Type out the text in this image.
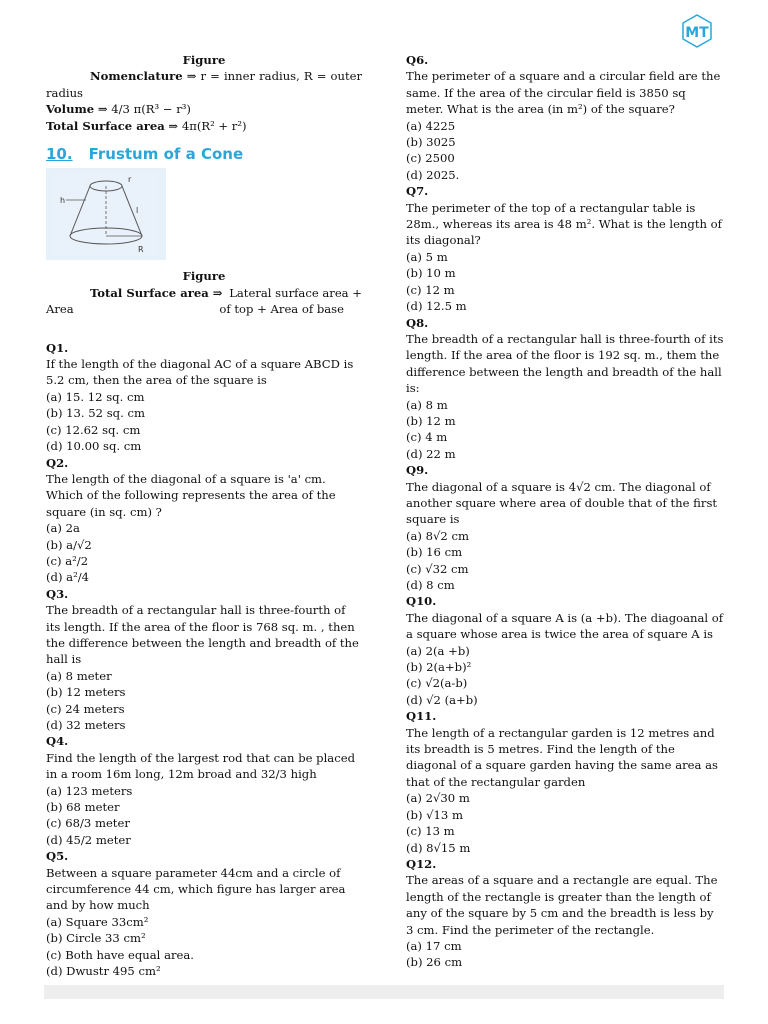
MT
Figure
Nomenclature ⇒ r = inner radius, R = outer radius
Volume ⇒ 4/3 π(R³ − r³)
Total Surface area ⇒ 4π(R² + r²)
10. Frustum of a Cone
h
r
l
R
Figure
Total Surface area ⇒ Lateral surface area +
Area	of top + Area of base
Q1.
If the length of the diagonal AC of a square ABCD is 5.2 cm, then the area of the square is
(a) 15. 12 sq. cm
(b) 13. 52 sq. cm
(c) 12.62 sq. cm
(d) 10.00 sq. cm
Q2.
The length of the diagonal of a square is 'a' cm. Which of the following represents the area of the square (in sq. cm) ?
(a) 2a
(b) a/√2
(c) a²/2
(d) a²/4
Q3.
The breadth of a rectangular hall is three-fourth of its length. If the area of the floor is 768 sq. m. , then the difference between the length and breadth of the hall is
(a) 8 meter
(b) 12 meters
(c) 24 meters
(d) 32 meters
Q4.
Find the length of the largest rod that can be placed in a room 16m long, 12m broad and 32/3 high
(a) 123 meters
(b) 68 meter
(c) 68/3 meter
(d) 45/2 meter
Q5.
Between a square parameter 44cm and a circle of circumference 44 cm, which figure has larger area and by how much
(a) Square 33cm²
(b) Circle 33 cm²
(c) Both have equal area.
(d) Dwustr 495 cm²
Q6.
The perimeter of a square and a circular field are the same. If the area of the circular field is 3850 sq meter. What is the area (in m²) of the square?
(a) 4225
(b) 3025
(c) 2500
(d) 2025.
Q7.
The perimeter of the top of a rectangular table is 28m., whereas its area is 48 m². What is the length of its diagonal?
(a) 5 m
(b) 10 m
(c) 12 m
(d) 12.5 m
Q8.
The breadth of a rectangular hall is three-fourth of its length. If the area of the floor is 192 sq. m., them the difference between the length and breadth of the hall is:
(a) 8 m
(b) 12 m
(c) 4 m
(d) 22 m
Q9.
The diagonal of a square is 4√2 cm. The diagonal of another square where area of double that of the first square is
(a) 8√2 cm
(b) 16 cm
(c) √32 cm
(d) 8 cm
Q10.
The diagonal of a square A is (a +b). The diagoanal of a square whose area is twice the area of square A is
(a) 2(a +b)
(b) 2(a+b)²
(c) √2(a-b)
(d) √2 (a+b)
Q11.
The length of a rectangular garden is 12 metres and its breadth is 5 metres. Find the length of the diagonal of a square garden having the same area as that of the rectangular garden
(a) 2√30 m
(b) √13 m
(c) 13 m
(d) 8√15 m
Q12.
The areas of a square and a rectangle are equal. The length of the rectangle is greater than the length of any of the square by 5 cm and the breadth is less by 3 cm. Find the perimeter of the rectangle.
(a) 17 cm
(b) 26 cm
